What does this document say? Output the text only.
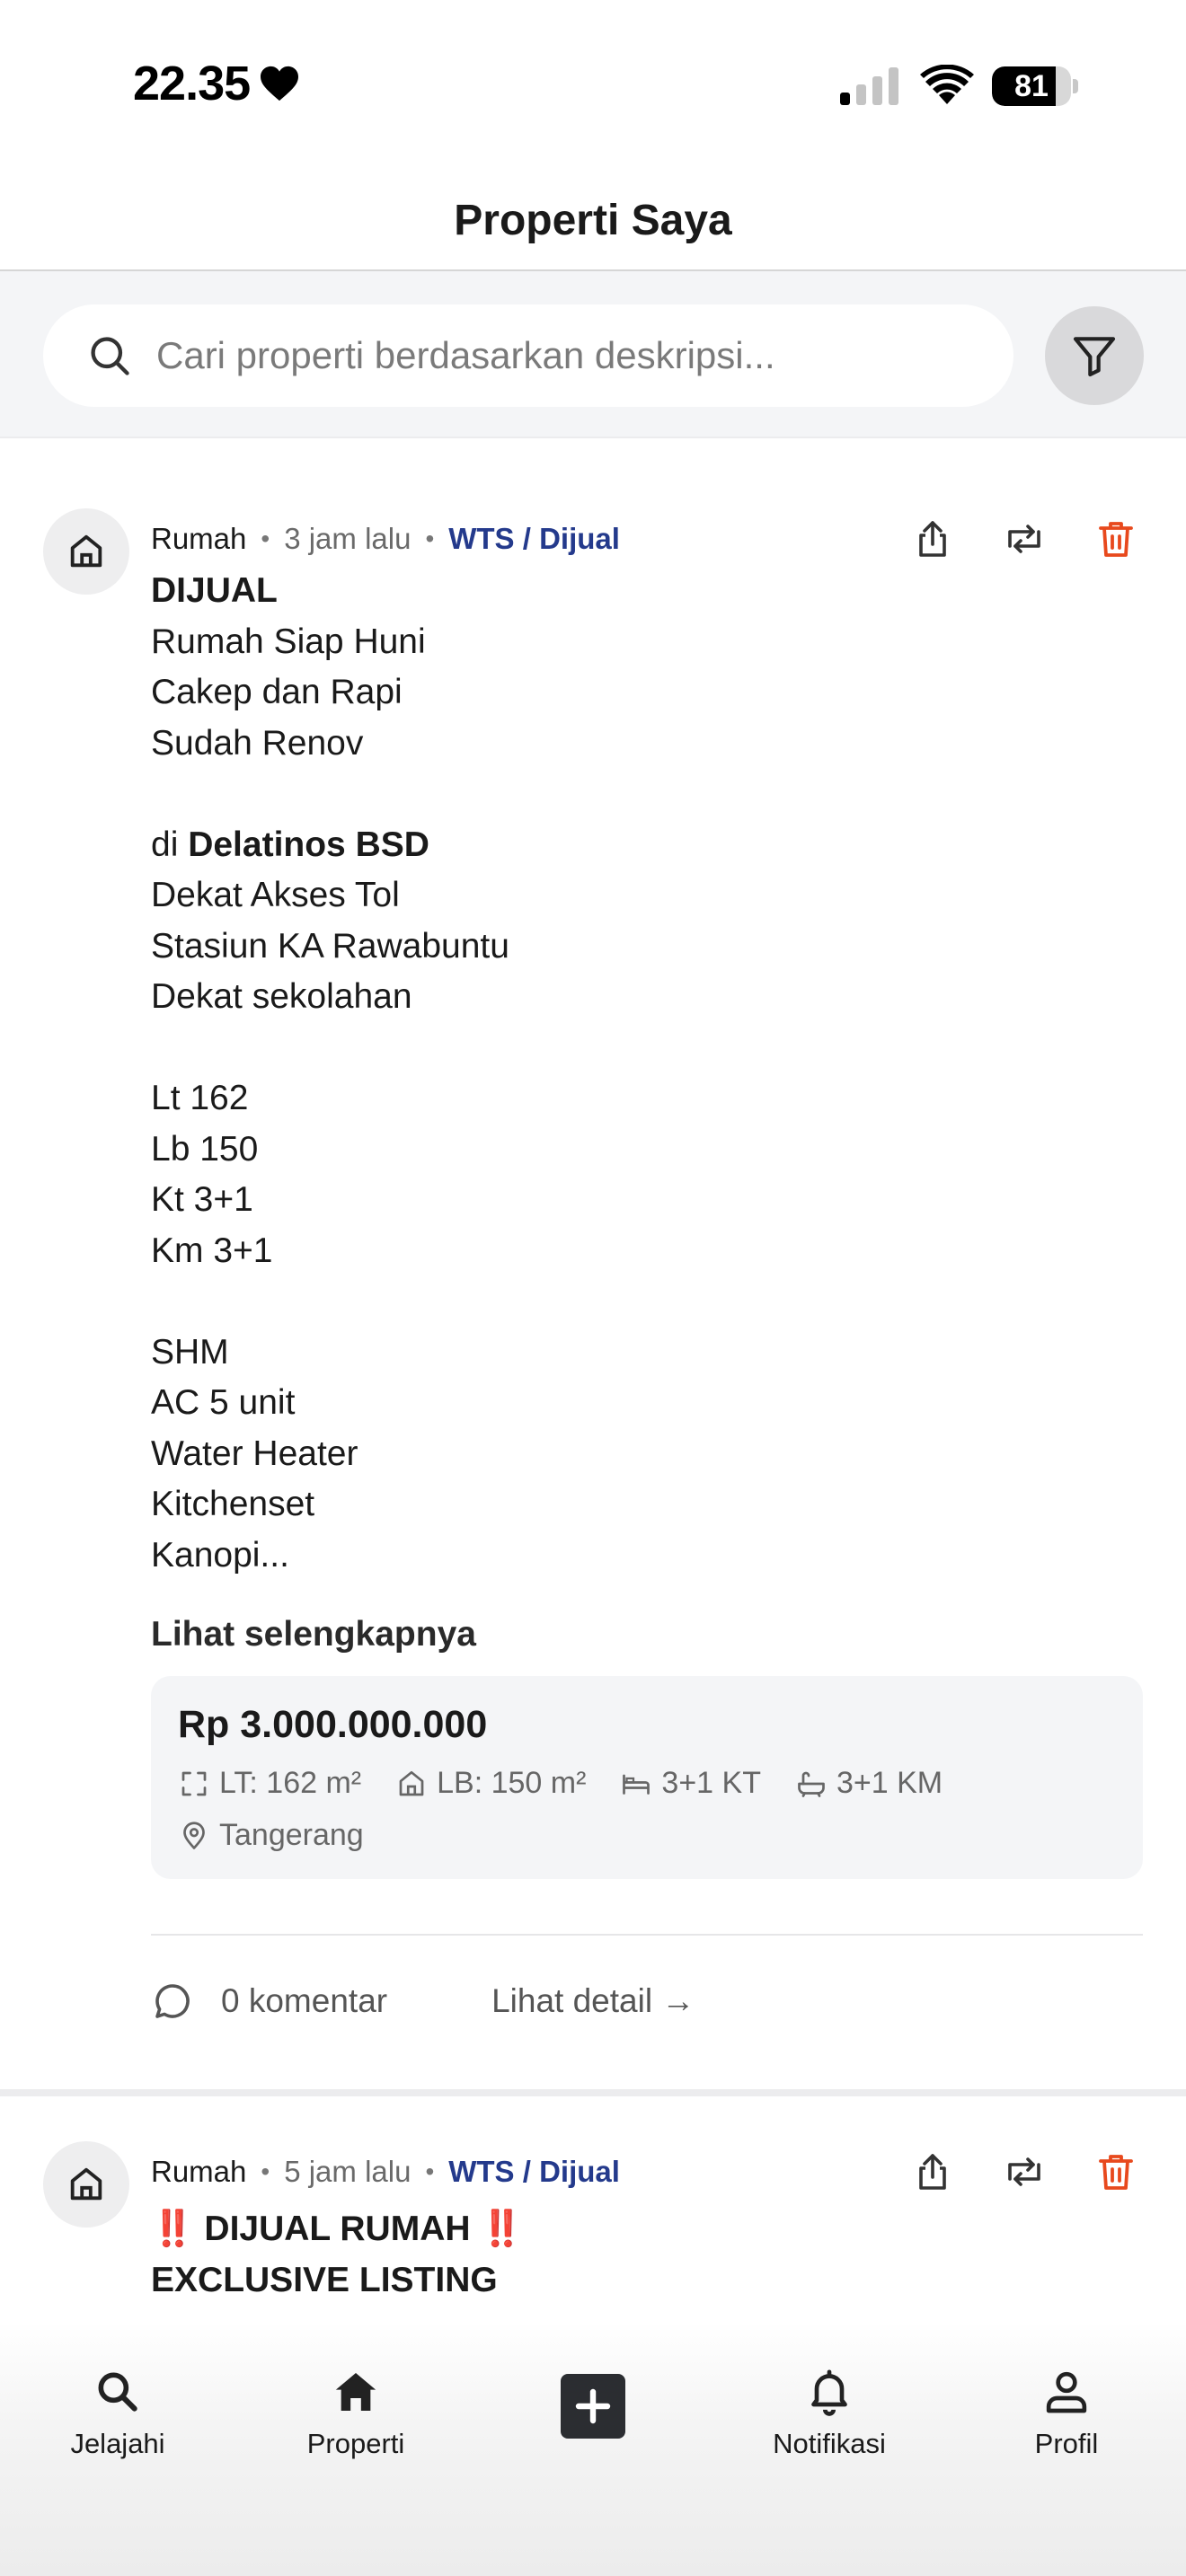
22.35	81
Properti Saya
Cari properti berdasarkan deskripsi...
Rumah • 3 jam lalu • WTS / Dijual
DIJUAL
Rumah Siap Huni
Cakep dan Rapi
Sudah Renov
di Delatinos BSD
Dekat Akses Tol
Stasiun KA Rawabuntu
Dekat sekolahan
Lt 162
Lb 150
Kt 3+1
Km 3+1
SHM
AC 5 unit
Water Heater
Kitchenset
Kanopi...
Lihat selengkapnya
Rp 3.000.000.000
LT: 162 m² LB: 150 m² 3+1 KT 3+1 KM
Tangerang
0 komentar	Lihat detail →
Rumah • 5 jam lalu • WTS / Dijual
‼️ DIJUAL RUMAH ‼️
EXCLUSIVE LISTING
Jelajahi	Properti	Notifikasi	Profil
